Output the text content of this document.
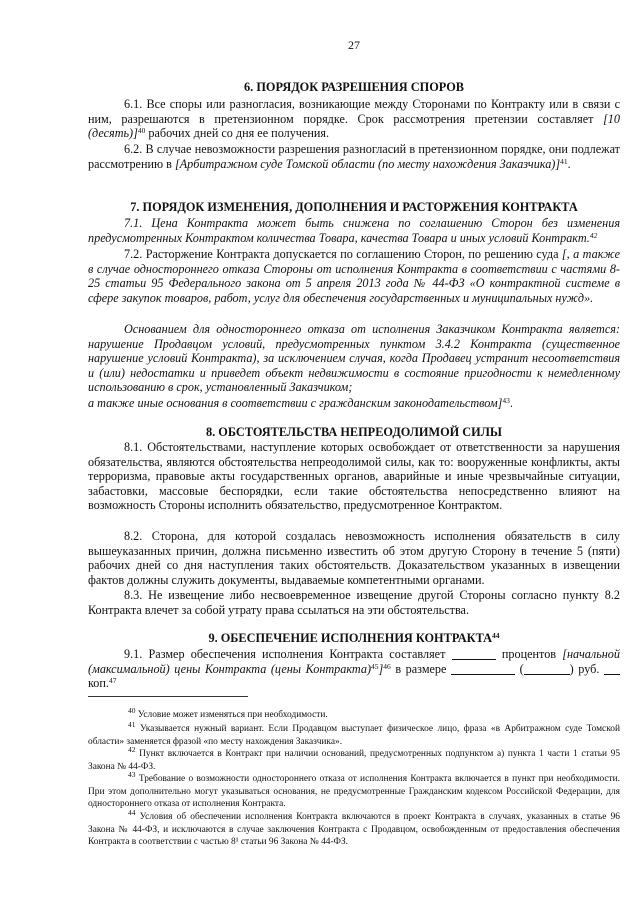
27
6. ПОРЯДОК РАЗРЕШЕНИЯ СПОРОВ
6.1. Все споры или разногласия, возникающие между Сторонами по Контракту или в связи с ним, разрешаются в претензионном порядке. Срок рассмотрения претензии составляет [10 (десять)]$^{40}$ рабочих дней со дня ее получения.
6.2. В случае невозможности разрешения разногласий в претензионном порядке, они подлежат рассмотрению в [Арбитражном суде Томской области (по месту нахождения Заказчика)]$^{41}$.
7. ПОРЯДОК ИЗМЕНЕНИЯ, ДОПОЛНЕНИЯ И РАСТОРЖЕНИЯ КОНТРАКТА
7.1. Цена Контракта может быть снижена по соглашению Сторон без изменения предусмотренных Контрактом количества Товара, качества Товара и иных условий Контракт.$^{42}$
7.2. Расторжение Контракта допускается по соглашению Сторон, по решению суда [, а также в случае одностороннего отказа Стороны от исполнения Контракта в соответствии с частями 8-25 статьи 95 Федерального закона от 5 апреля 2013 года № 44-ФЗ «О контрактной системе в сфере закупок товаров, работ, услуг для обеспечения государственных и муниципальных нужд».
Основанием для одностороннего отказа от исполнения Заказчиком Контракта является: нарушение Продавцом условий, предусмотренных пунктом 3.4.2 Контракта (существенное нарушение условий Контракта), за исключением случая, когда Продавец устранит несоответствия и (или) недостатки и приведет объект недвижимости в состояние пригодности к немедленному использованию в срок, установленный Заказчиком;
а также иные основания в соответствии с гражданским законодательством]$^{43}$.
8. ОБСТОЯТЕЛЬСТВА НЕПРЕОДОЛИМОЙ СИЛЫ
8.1. Обстоятельствами, наступление которых освобождает от ответственности за нарушения обязательства, являются обстоятельства непреодолимой силы, как то: вооруженные конфликты, акты терроризма, правовые акты государственных органов, аварийные и иные чрезвычайные ситуации, забастовки, массовые беспорядки, если такие обстоятельства непосредственно влияют на возможность Стороны исполнить обязательство, предусмотренное Контрактом.
8.2. Сторона, для которой создалась невозможность исполнения обязательств в силу вышеуказанных причин, должна письменно известить об этом другую Сторону в течение 5 (пяти) рабочих дней со дня наступления таких обстоятельств. Доказательством указанных в извещении фактов должны служить документы, выдаваемые компетентными органами.
8.3. Не извещение либо несвоевременное извещение другой Стороны согласно пункту 8.2 Контракта влечет за собой утрату права ссылаться на эти обстоятельства.
9. ОБЕСПЕЧЕНИЕ ИСПОЛНЕНИЯ КОНТРАКТА$^{44}$
9.1. Размер обеспечения исполнения Контракта составляет	процентов [начальной (максимальной) цены Контракта (цены Контракта)$^{45}$]$^{46}$ в размере	(	) руб. коп.$^{47}$
$^{40}$ Условие может изменяться при необходимости.
$^{41}$ Указывается нужный вариант. Если Продавцом выступает физическое лицо, фраза «в Арбитражном суде Томской области» заменяется фразой «по месту нахождения Заказчика».
$^{42}$ Пункт включается в Контракт при наличии оснований, предусмотренных подпунктом а) пункта 1 части 1 статьи 95 Закона № 44-ФЗ.
$^{43}$ Требование о возможности одностороннего отказа от исполнения Контракта включается в пункт при необходимости. При этом дополнительно могут указываться основания, не предусмотренные Гражданским кодексом Российской Федерации, для одностороннего отказа от исполнения Контракта.
$^{44}$ Условия об обеспечении исполнения Контракта включаются в проект Контракта в случаях, указанных в статье 96 Закона № 44-ФЗ, и исключаются в случае заключения Контракта с Продавцом, освобожденным от предоставления обеспечения Контракта в соответствии с частью 8¹ статьи 96 Закона № 44-ФЗ.
